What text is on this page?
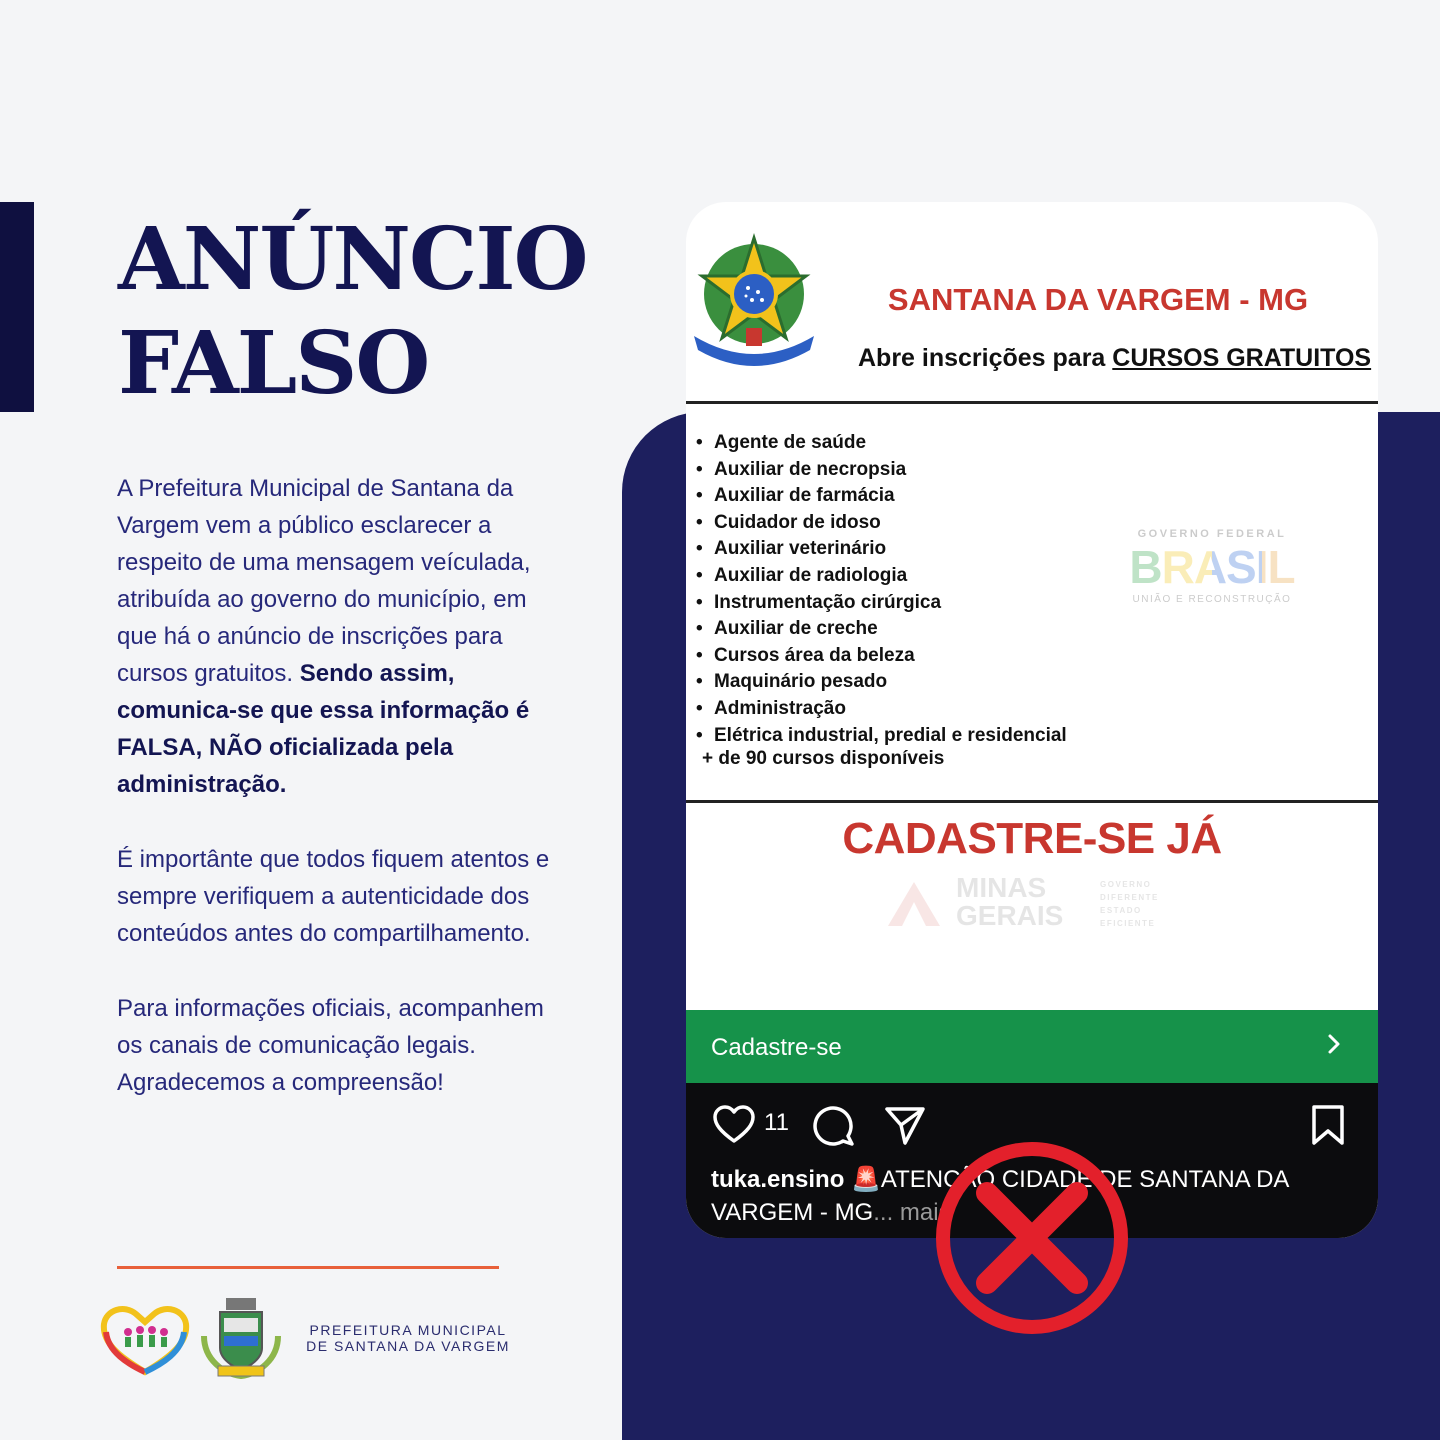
ANÚNCIO
FALSO

A Prefeitura Municipal de Santana da Vargem vem a público esclarecer a respeito de uma mensagem veículada, atribuída ao governo do município, em que há o anúncio de inscrições para cursos gratuitos. Sendo assim, comunica-se que essa informação é FALSA, NÃO oficializada pela administração.

É importânte que todos fiquem atentos e sempre verifiquem a autenticidade dos conteúdos antes do compartilhamento.

Para informações oficiais, acompanhem os canais de comunicação legais.
Agradecemos a compreensão!

PREFEITURA MUNICIPAL DE SANTANA DA VARGEM
SANTANA DA VARGEM - MG

Abre inscrições para CURSOS GRATUITOS

• Agente de saúde
• Auxiliar de necropsia
• Auxiliar de farmácia
• Cuidador de idoso
• Auxiliar veterinário
• Auxiliar de radiologia
• Instrumentação cirúrgica
• Auxiliar de creche
• Cursos área da beleza
• Maquinário pesado
• Administração
• Elétrica industrial, predial e residencial
+ de 90 cursos disponíveis
GOVERNO FEDERAL
BRASIL
UNIÃO E RECONSTRUÇÃO
CADASTRE-SE JÁ
MINAS
GERAIS
GOVERNO
DIFERENTE
ESTADO
EFICIENTE
Cadastre-se
11
tuka.ensino 🚨ATENÇÃO CIDADE DE SANTANA DA VARGEM - MG... mais
